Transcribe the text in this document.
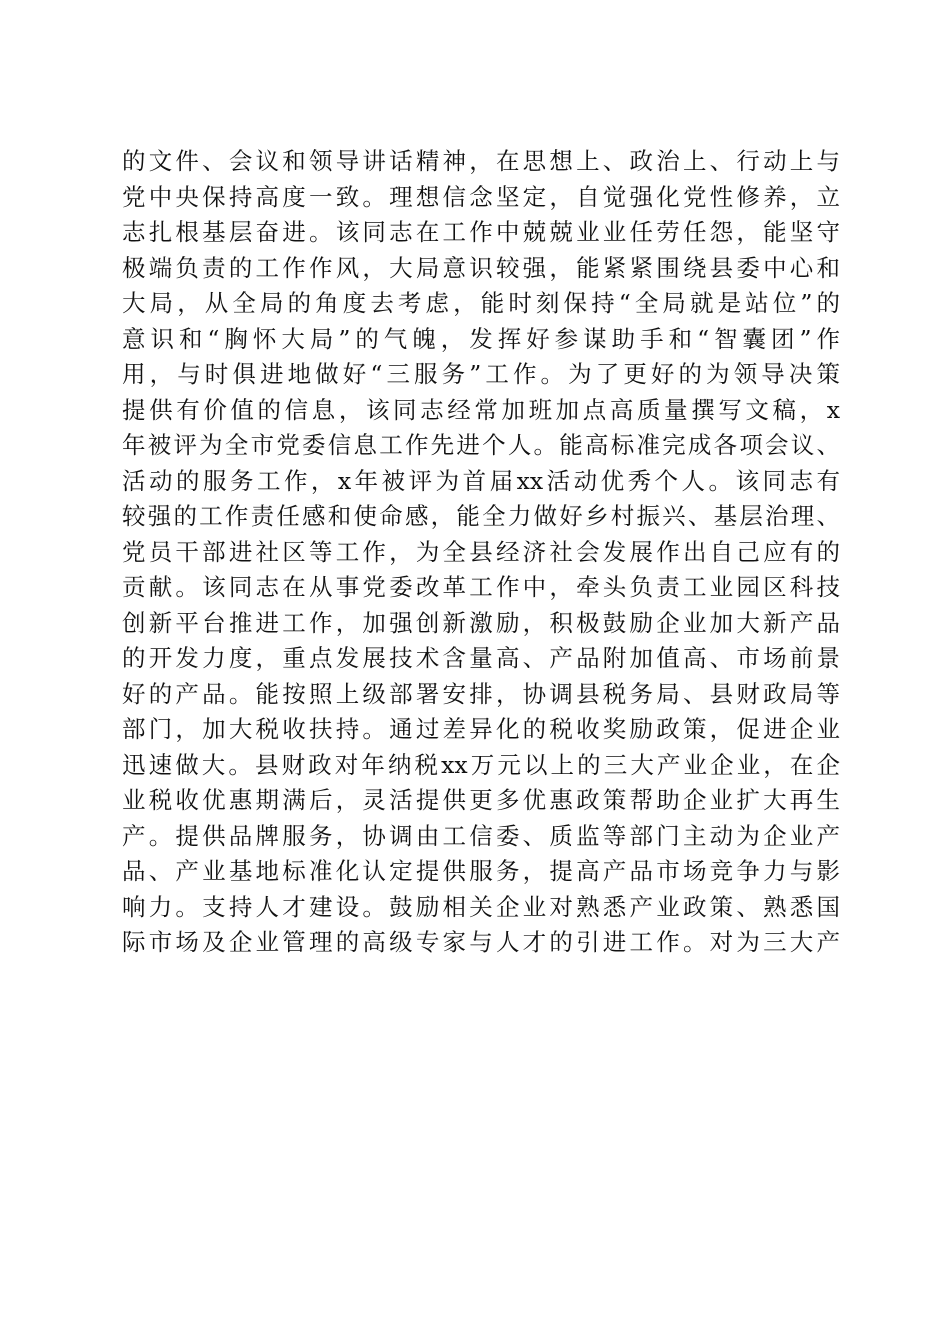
的文件、会议和领导讲话精神，在思想上、政治上、行动上与
党中央保持高度一致。理想信念坚定，自觉强化党性修养，立
志扎根基层奋进。该同志在工作中兢兢业业任劳任怨，能坚守
极端负责的工作作风，大局意识较强，能紧紧围绕县委中心和
大局，从全局的角度去考虑，能时刻保持“全局就是站位”的
意识和“胸怀大局”的气魄，发挥好参谋助手和“智囊团”作
用，与时俱进地做好“三服务”工作。为了更好的为领导决策
提供有价值的信息，该同志经常加班加点高质量撰写文稿，x
年被评为全市党委信息工作先进个人。能高标准完成各项会议、
活动的服务工作，x年被评为首届xx活动优秀个人。该同志有
较强的工作责任感和使命感，能全力做好乡村振兴、基层治理、
党员干部进社区等工作，为全县经济社会发展作出自己应有的
贡献。该同志在从事党委改革工作中，牵头负责工业园区科技
创新平台推进工作，加强创新激励，积极鼓励企业加大新产品
的开发力度，重点发展技术含量高、产品附加值高、市场前景
好的产品。能按照上级部署安排，协调县税务局、县财政局等
部门，加大税收扶持。通过差异化的税收奖励政策，促进企业
迅速做大。县财政对年纳税xx万元以上的三大产业企业，在企
业税收优惠期满后，灵活提供更多优惠政策帮助企业扩大再生
产。提供品牌服务，协调由工信委、质监等部门主动为企业产
品、产业基地标准化认定提供服务，提高产品市场竞争力与影
响力。支持人才建设。鼓励相关企业对熟悉产业政策、熟悉国
际市场及企业管理的高级专家与人才的引进工作。对为三大产
